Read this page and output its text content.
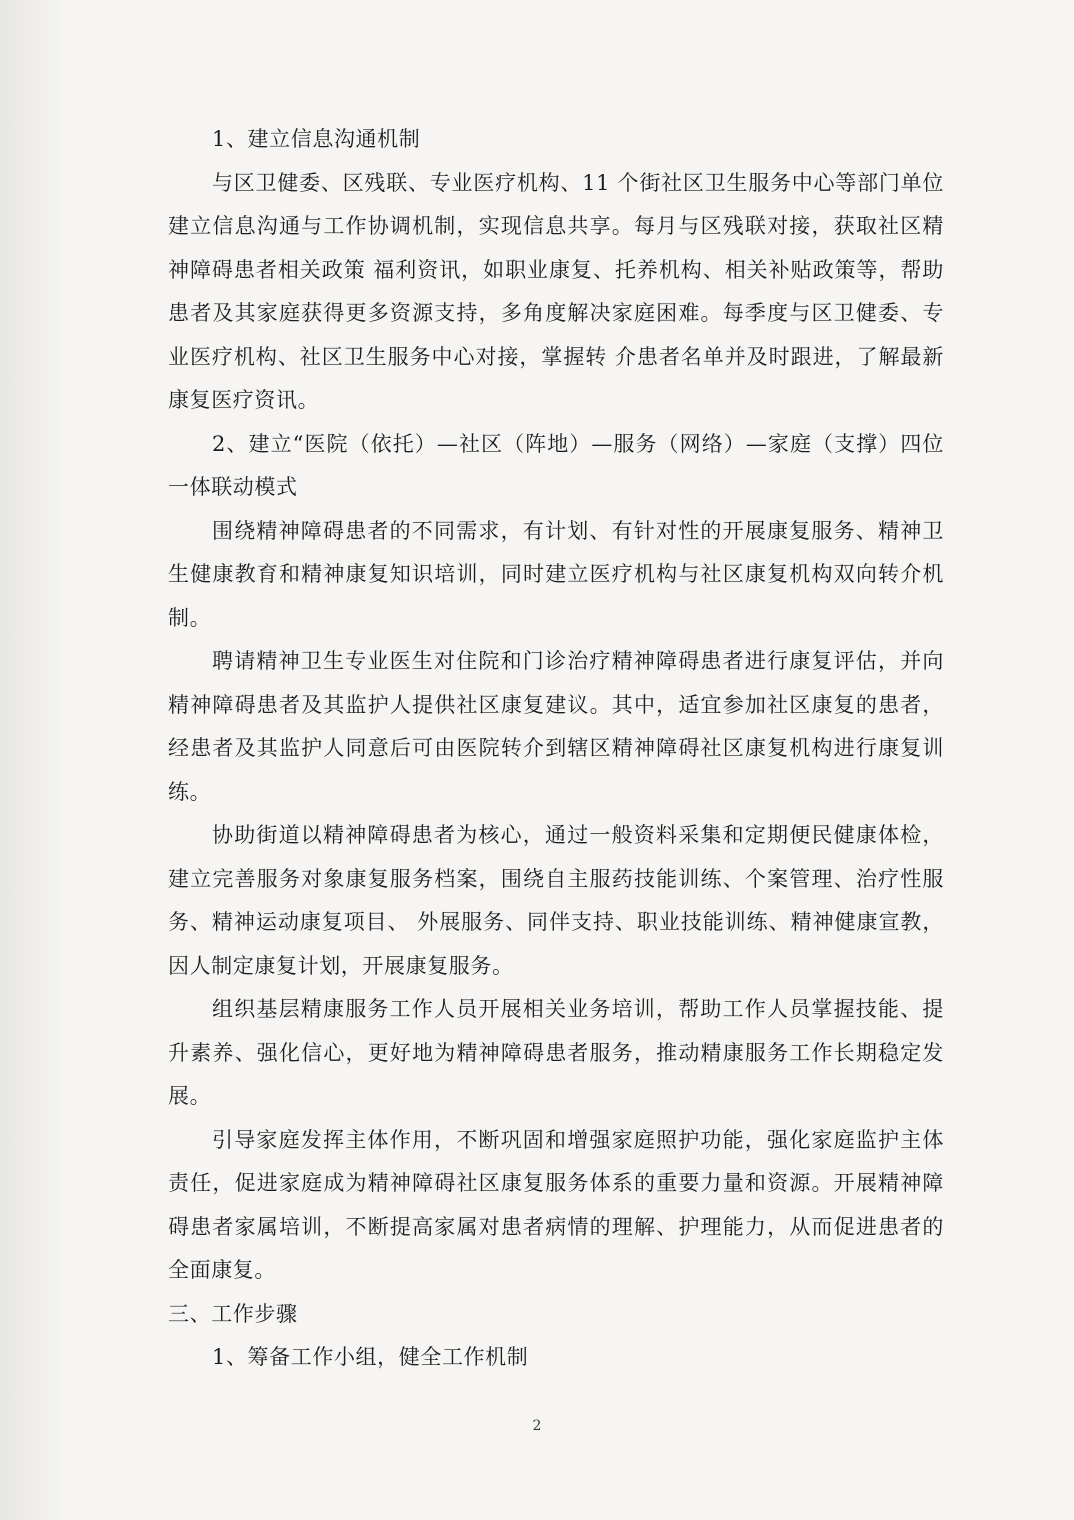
1、建立信息沟通机制

与区卫健委、区残联、专业医疗机构、11 个街社区卫生服务中心等部门单位建立信息沟通与工作协调机制，实现信息共享。每月与区残联对接，获取社区精神障碍患者相关政策 福利资讯，如职业康复、托养机构、相关补贴政策等，帮助患者及其家庭获得更多资源支持，多角度解决家庭困难。每季度与区卫健委、专业医疗机构、社区卫生服务中心对接，掌握转 介患者名单并及时跟进，了解最新康复医疗资讯。

2、建立“医院（依托）—社区（阵地）—服务（网络）—家庭（支撑）四位一体联动模式

围绕精神障碍患者的不同需求，有计划、有针对性的开展康复服务、精神卫生健康教育和精神康复知识培训，同时建立医疗机构与社区康复机构双向转介机制。

聘请精神卫生专业医生对住院和门诊治疗精神障碍患者进行康复评估，并向精神障碍患者及其监护人提供社区康复建议。其中，适宜参加社区康复的患者，经患者及其监护人同意后可由医院转介到辖区精神障碍社区康复机构进行康复训练。

协助街道以精神障碍患者为核心，通过一般资料采集和定期便民健康体检，建立完善服务对象康复服务档案，围绕自主服药技能训练、个案管理、治疗性服务、精神运动康复项目、 外展服务、同伴支持、职业技能训练、精神健康宣教，因人制定康复计划，开展康复服务。

组织基层精康服务工作人员开展相关业务培训，帮助工作人员掌握技能、提升素养、强化信心，更好地为精神障碍患者服务，推动精康服务工作长期稳定发展。

引导家庭发挥主体作用，不断巩固和增强家庭照护功能，强化家庭监护主体责任，促进家庭成为精神障碍社区康复服务体系的重要力量和资源。开展精神障碍患者家属培训，不断提高家属对患者病情的理解、护理能力，从而促进患者的全面康复。

三、工作步骤

1、筹备工作小组，健全工作机制

2
